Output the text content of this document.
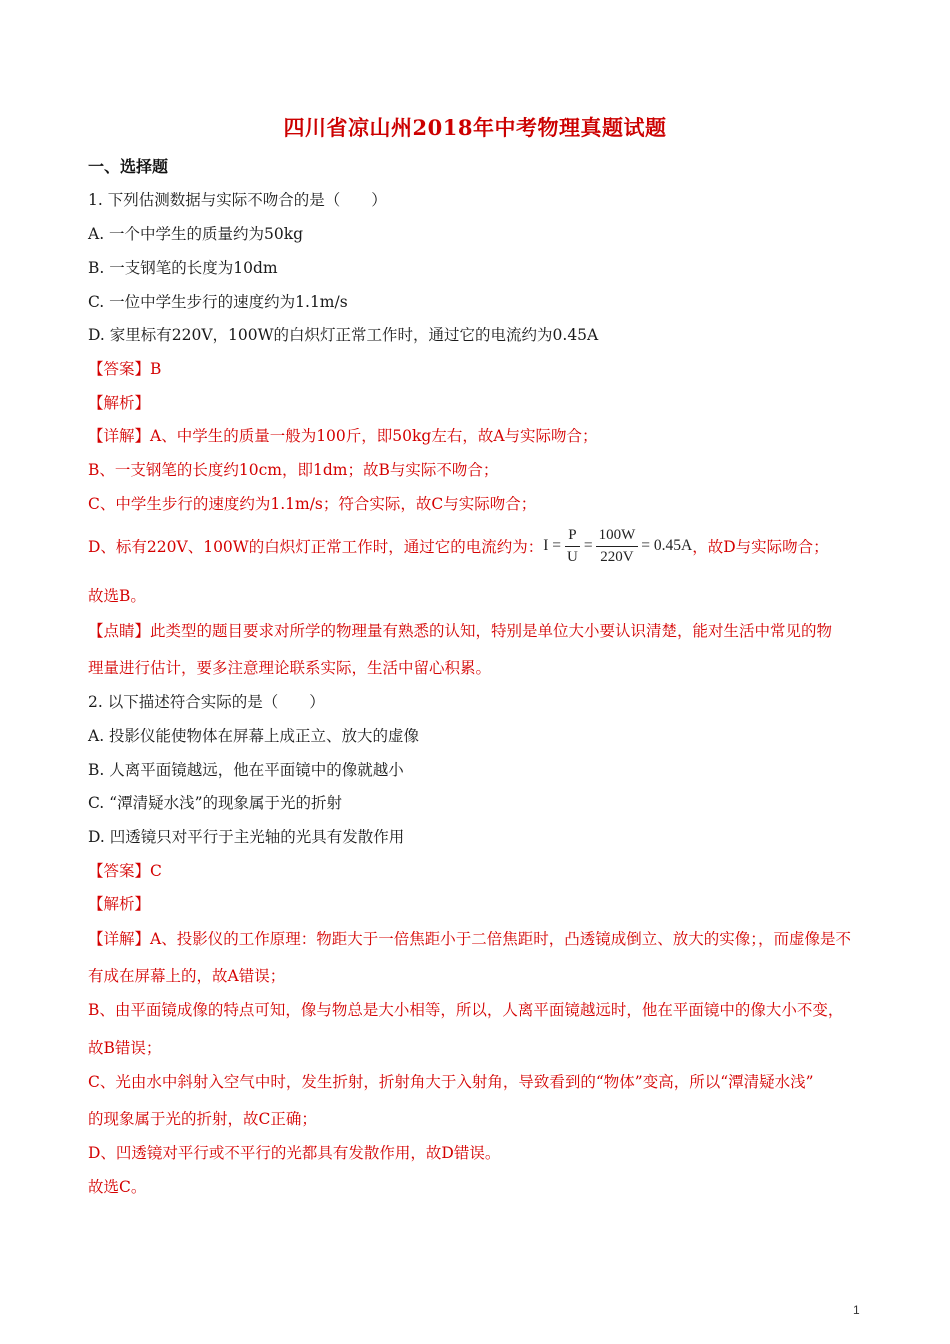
四川省凉山州2018年中考物理真题试题
一、选择题
1. 下列估测数据与实际不吻合的是（　　）
A. 一个中学生的质量约为50kg
B. 一支钢笔的长度为10dm
C. 一位中学生步行的速度约为1.1m/s
D. 家里标有220V，100W的白炽灯正常工作时，通过它的电流约为0.45A
【答案】B
【解析】
【详解】A、中学生的质量一般为100斤，即50kg左右，故A与实际吻合；
B、一支钢笔的长度约10cm，即1dm；故B与实际不吻合；
C、中学生步行的速度约为1.1m/s；符合实际，故C与实际吻合；
D、标有220V、100W的白炽灯正常工作时，通过它的电流约为： $I = \frac{P}{U} = \frac{100W}{220V} = 0.45A$ ，故D与实际吻合；
故选B。
【点睛】此类型的题目要求对所学的物理量有熟悉的认知，特别是单位大小要认识清楚，能对生活中常见的物
理量进行估计，要多注意理论联系实际，生活中留心积累。
2. 以下描述符合实际的是（　　）
A. 投影仪能使物体在屏幕上成正立、放大的虚像
B. 人离平面镜越远，他在平面镜中的像就越小
C. “潭清疑水浅”的现象属于光的折射
D. 凹透镜只对平行于主光轴的光具有发散作用
【答案】C
【解析】
【详解】A、投影仪的工作原理：物距大于一倍焦距小于二倍焦距时，凸透镜成倒立、放大的实像；，而虚像是不
有成在屏幕上的，故A错误；
B、由平面镜成像的特点可知，像与物总是大小相等，所以，人离平面镜越远时，他在平面镜中的像大小不变，
故B错误；
C、光由水中斜射入空气中时，发生折射，折射角大于入射角，导致看到的“物体”变高，所以“潭清疑水浅”
的现象属于光的折射，故C正确；
D、凹透镜对平行或不平行的光都具有发散作用，故D错误。
故选C。
1
